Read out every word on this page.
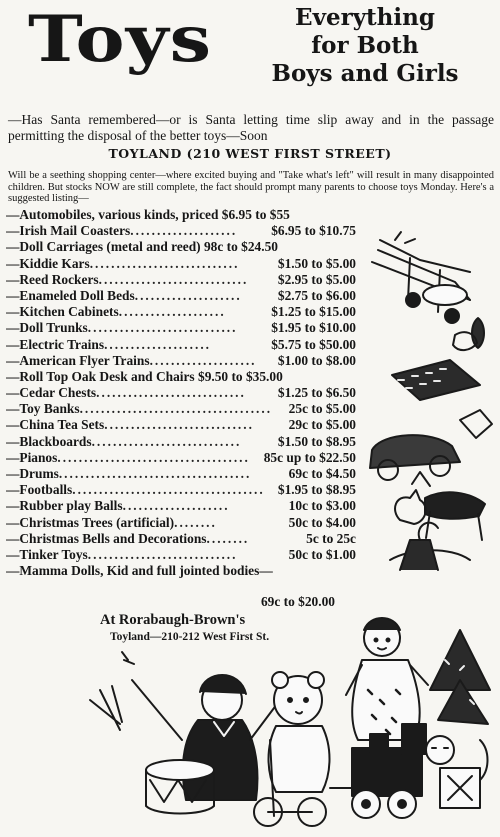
Toys	Everything
for Both
Boys and Girls
—Has Santa remembered—or is Santa letting time slip away and in the passage permitting the disposal of the better toys—Soon
TOYLAND (210 WEST FIRST STREET)
Will be a seething shopping center—where excited buying and "Take what's left" will result in many disappointed children. But stocks NOW are still complete, the fact should prompt many parents to choose toys Monday. Here's a suggested listing—
—Automobiles, various kinds, priced $6.95 to $55
—Irish Mail Coasters ....................	$6.95 to $10.75
—Doll Carriages (metal and reed) 98c to $24.50
—Kiddie Kars ............................	$1.50 to $5.00
—Reed Rockers ............................	$2.95 to $5.00
—Enameled Doll Beds ....................	$2.75 to $6.00
—Kitchen Cabinets ....................	$1.25 to $15.00
—Doll Trunks ............................	$1.95 to $10.00
—Electric Trains ....................	$5.75 to $50.00
—American Flyer Trains ....................	$1.00 to $8.00
—Roll Top Oak Desk and Chairs $9.50 to $35.00
—Cedar Chests ............................	$1.25 to $6.50
—Toy Banks ....................................	25c to $5.00
—China Tea Sets ............................	29c to $5.00
—Blackboards ............................	$1.50 to $8.95
—Pianos ....................................	85c up to $22.50
—Drums ....................................	69c to $4.50
—Footballs .................................... $1.95 to $8.95
—Rubber play Balls ....................	10c to $3.00
—Christmas Trees (artificial) ........	50c to $4.00
—Christmas Bells and Decorations ........	5c to 25c
—Tinker Toys ............................	50c to $1.00
—Mamma Dolls, Kid and full jointed bodies—
69c to $20.00
At Rorabaugh-Brown's
Toyland—210-212 West First St.
